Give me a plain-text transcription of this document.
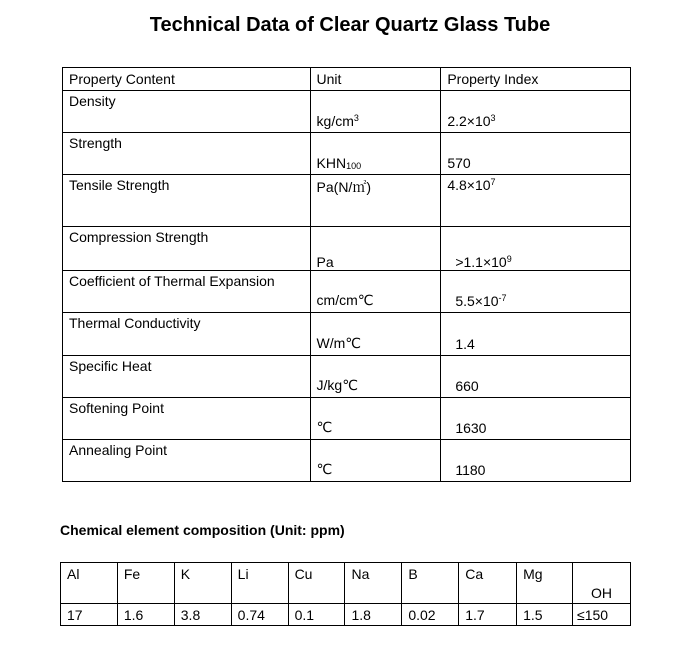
Technical Data of Clear Quartz Glass Tube
Property Content	Unit	Property Index
Density	$kg/cm^3$	$2.2\times 10^3$
Strength	$KHN_{100}$	570
Tensile Strength	Pa(N/㎡)	$4.8\times 10^7$
Compression Strength	Pa	$>1.1\times 10^9$
Coefficient of Thermal Expansion	cm/cm℃	$5.5\times 10^{-7}$
Thermal Conductivity	W/m℃	1.4
Specific Heat	J/kg℃	660
Softening Point	℃	1630
Annealing Point	℃	1180
Chemical element composition (Unit: ppm)
Al	Fe	K	Li	Cu	Na	B	Ca	Mg	OH
17	1.6	3.8	0.74	0.1	1.8	0.02	1.7	1.5	≤150
